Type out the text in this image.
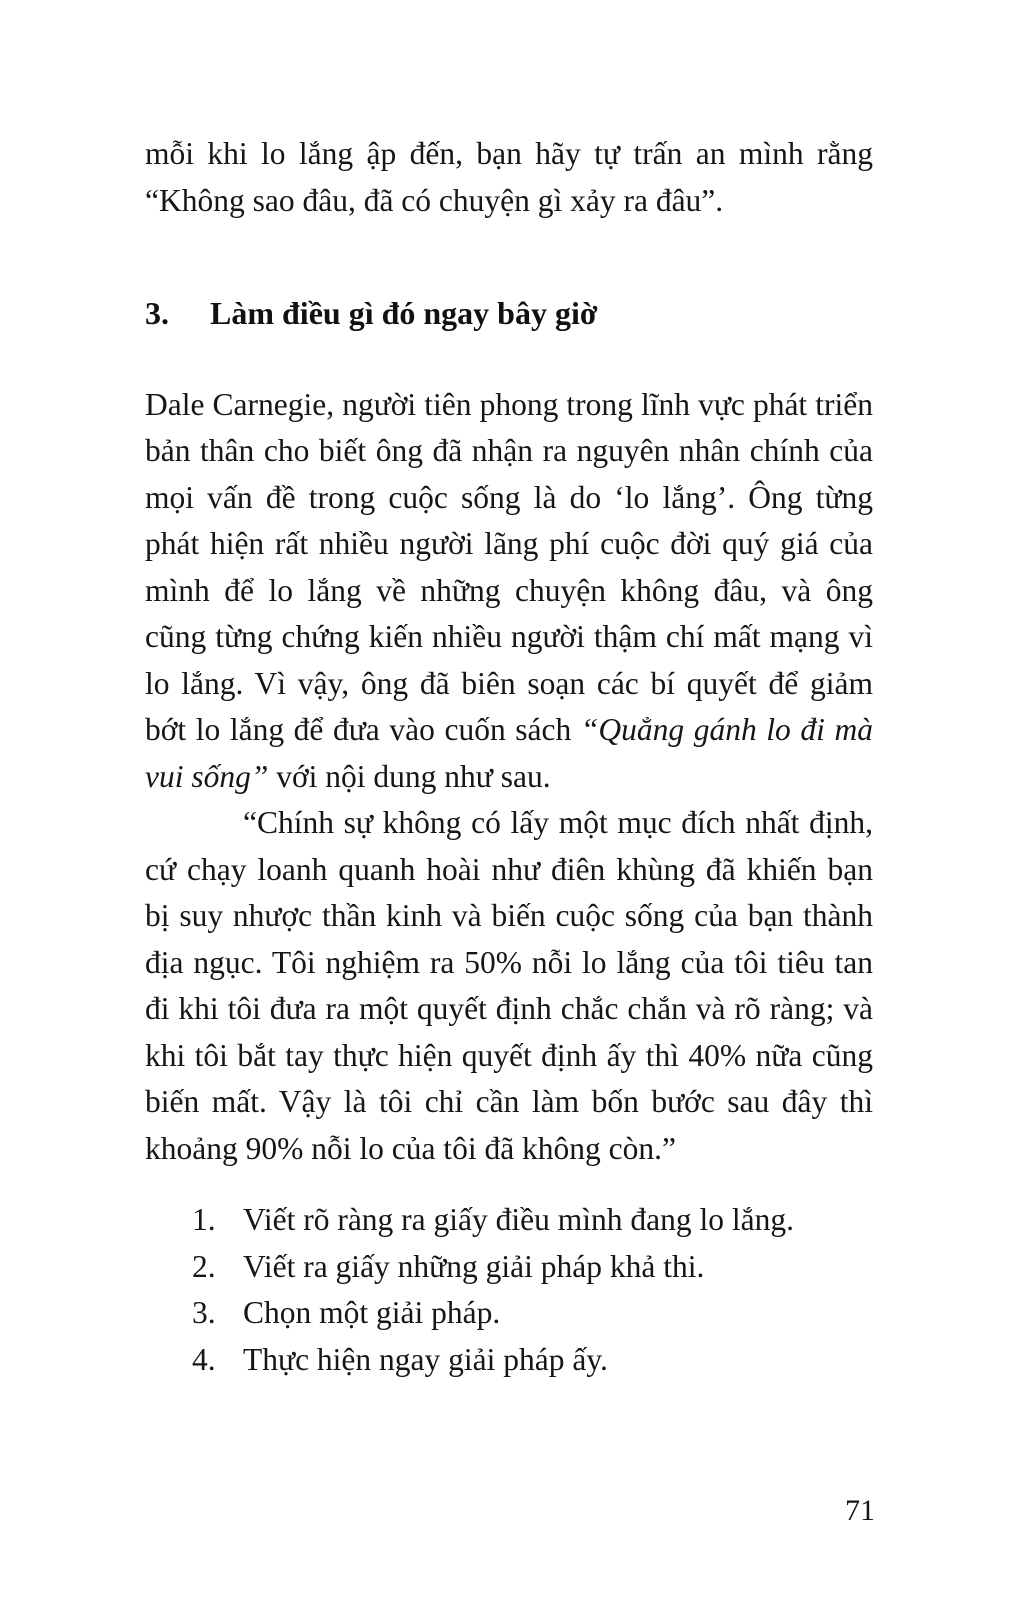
mỗi khi lo lắng ập đến, bạn hãy tự trấn an mình rằng “Không sao đâu, đã có chuyện gì xảy ra đâu”.

3. Làm điều gì đó ngay bây giờ

Dale Carnegie, người tiên phong trong lĩnh vực phát triển bản thân cho biết ông đã nhận ra nguyên nhân chính của mọi vấn đề trong cuộc sống là do ‘lo lắng’. Ông từng phát hiện rất nhiều người lãng phí cuộc đời quý giá của mình để lo lắng về những chuyện không đâu, và ông cũng từng chứng kiến nhiều người thậm chí mất mạng vì lo lắng. Vì vậy, ông đã biên soạn các bí quyết để giảm bớt lo lắng để đưa vào cuốn sách “Quẳng gánh lo đi mà vui sống” với nội dung như sau.

“Chính sự không có lấy một mục đích nhất định, cứ chạy loanh quanh hoài như điên khùng đã khiến bạn bị suy nhược thần kinh và biến cuộc sống của bạn thành địa ngục. Tôi nghiệm ra 50% nỗi lo lắng của tôi tiêu tan đi khi tôi đưa ra một quyết định chắc chắn và rõ ràng; và khi tôi bắt tay thực hiện quyết định ấy thì 40% nữa cũng biến mất. Vậy là tôi chỉ cần làm bốn bước sau đây thì khoảng 90% nỗi lo của tôi đã không còn.”

1. Viết rõ ràng ra giấy điều mình đang lo lắng.
2. Viết ra giấy những giải pháp khả thi.
3. Chọn một giải pháp.
4. Thực hiện ngay giải pháp ấy.
71
